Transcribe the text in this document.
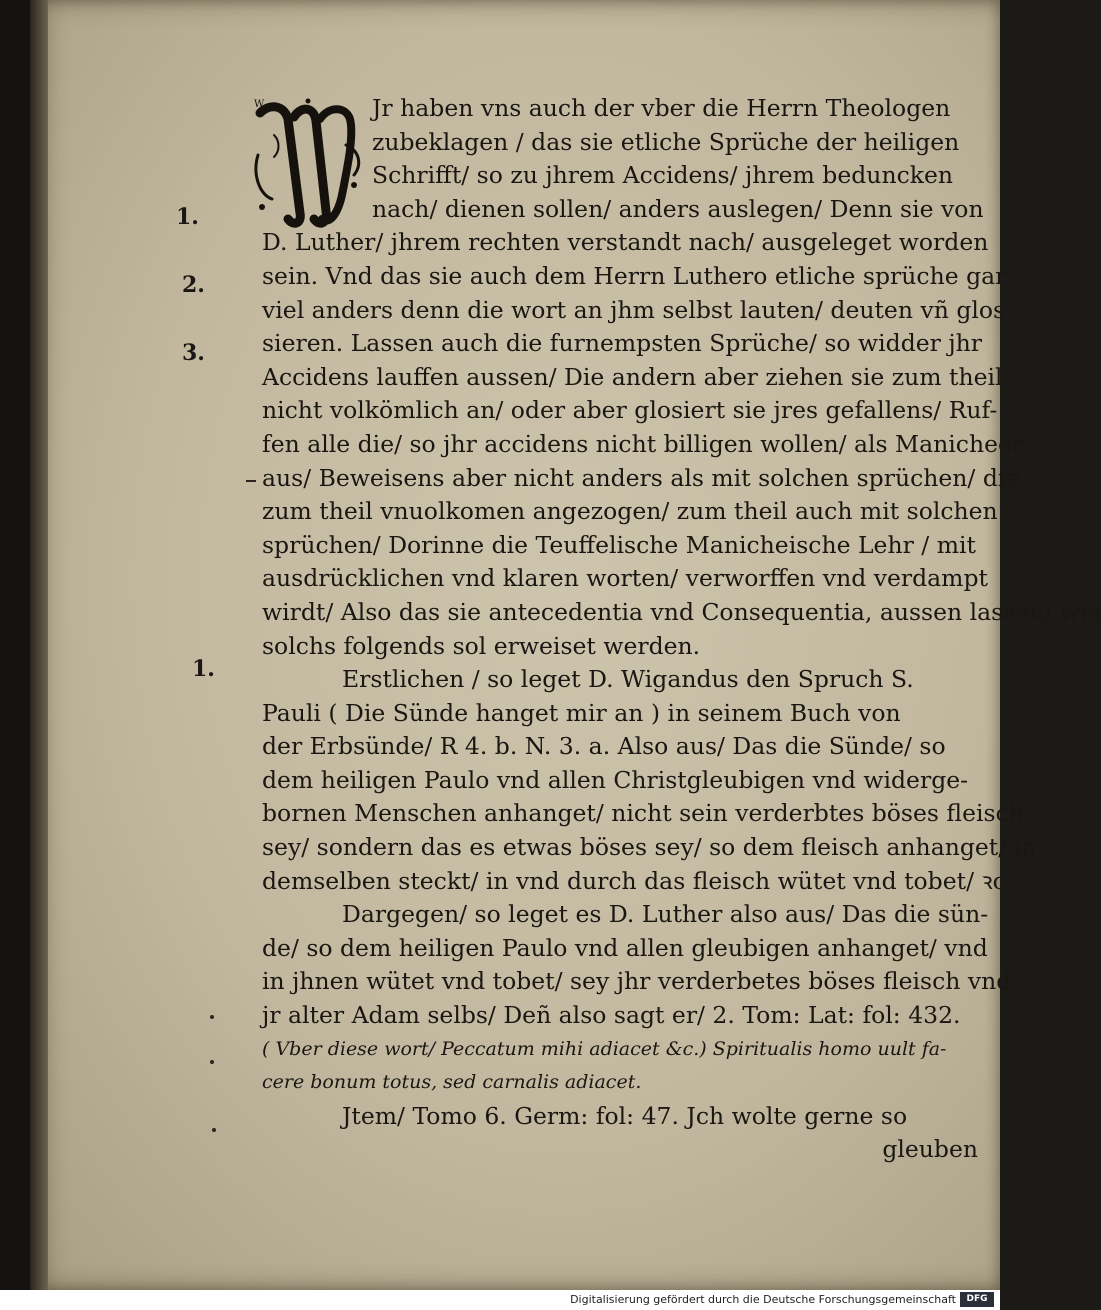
W	Jr haben vns auch der vber die Herrn Theologen
zubeklagen / das sie etliche Sprüche der heiligen
Schrifft/ so zu jhrem Accidens/ jhrem beduncken
nach/ dienen sollen/ anders auslegen/ Denn sie von
D. Luther/ jhrem rechten verstandt nach/ ausgeleget worden
sein. Vnd das sie auch dem Herrn Luthero etliche sprüche gar
viel anders denn die wort an jhm selbst lauten/ deuten vñ glos-
sieren. Lassen auch die furnempsten Sprüche/ so widder jhr
Accidens lauffen aussen/ Die andern aber ziehen sie zum theil
nicht volkömlich an/ oder aber glosiert sie jres gefallens/ Ruf-
fen alle die/ so jhr accidens nicht billigen wollen/ als Manicheer
aus/ Beweisens aber nicht anders als mit solchen sprüchen/ die
zum theil vnuolkomen angezogen/ zum theil auch mit solchen
sprüchen/ Dorinne die Teuffelische Manicheische Lehr / mit
ausdrücklichen vnd klaren worten/ verworffen vnd verdampt
wirdt/ Also das sie antecedentia vnd Consequentia, aussen lassen/ wie
solchs folgends sol erweiset werden.
Erstlichen / so leget D. Wigandus den Spruch S.
Pauli ( Die Sünde hanget mir an ) in seinem Buch von
der Erbsünde/ R 4. b. N. 3. a. Also aus/ Das die Sünde/ so
dem heiligen Paulo vnd allen Christgleubigen vnd widerge-
bornen Menschen anhanget/ nicht sein verderbtes böses fleisch
sey/ sondern das es etwas böses sey/ so dem fleisch anhanget/ in
demselben steckt/ in vnd durch das fleisch wütet vnd tobet/ ꝛc.
Dargegen/ so leget es D. Luther also aus/ Das die sün-
de/ so dem heiligen Paulo vnd allen gleubigen anhanget/ vnd
in jhnen wütet vnd tobet/ sey jhr verderbetes böses fleisch vnd
jr alter Adam selbs/ Deñ also sagt er/ 2. Tom: Lat: fol: 432.
( Vber diese wort/ Peccatum mihi adiacet &c.) Spiritualis homo uult fa-
cere bonum totus, sed carnalis adiacet.
Jtem/ Tomo 6. Germ: fol: 47. Jch wolte gerne so
gleuben
1.
2.
3.
1.
Digitalisierung gefördert durch die Deutsche Forschungsgemeinschaft	DFG
